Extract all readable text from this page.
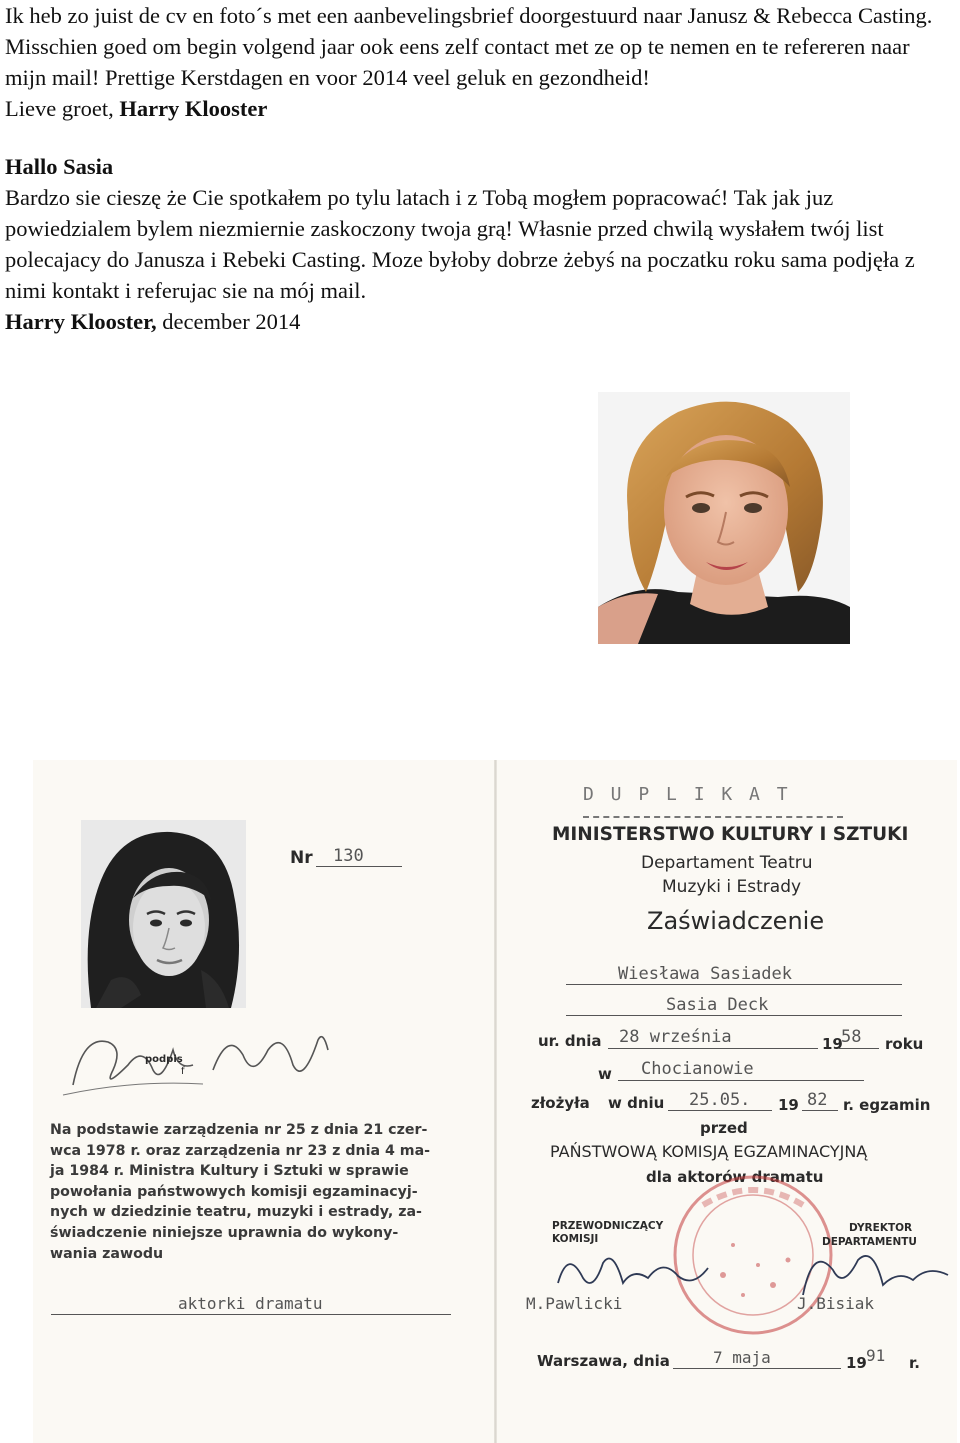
Ik heb zo juist de cv en foto´s met een aanbevelingsbrief doorgestuurd naar Janusz & Rebecca Casting. Misschien goed om begin volgend jaar ook eens zelf contact met ze op te nemen en te refereren naar mijn mail! Prettige Kerstdagen en voor 2014 veel geluk en gezondheid!
Lieve groet, Harry Klooster

Hallo Sasia

Bardzo sie cieszę że Cie spotkałem po tylu latach i z Tobą mogłem popracować! Tak jak juz powiedzialem bylem niezmiernie zaskoczony twoja grą! Własnie przed chwilą wysłałem twój list polecajacy do Janusza i Rebeki Casting. Moze byłoby dobrze żebyś na poczatku roku sama podjęła z nimi kontakt i referujac sie na mój mail.

Harry Klooster, december 2014

Nr 130
podpis
f
Na podstawie zarządzenia nr 25 z dnia 21 czer-
wca 1978 r. oraz zarządzenia nr 23 z dnia 4 ma-
ja 1984 r. Ministra Kultury i Sztuki w sprawie
powołania państwowych komisji egzaminacyj-
nych w dziedzinie teatru, muzyki i estrady, za-
świadczenie niniejsze uprawnia do wykony-
wania zawodu
aktorki dramatu
D U P L I K A T
MINISTERSTWO KULTURY I SZTUKI
Departament Teatru
Muzyki i Estrady
Zaświadczenie
Wiesława Sasiadek
Sasia Deck
ur. dnia 28 września	19
58 roku
w Chocianowie
złożyła w dniu 25.05. 19 82 r. egzamin
przed
PAŃSTWOWĄ KOMISJĄ EGZAMINACYJNĄ
dla aktorów dramatu
PRZEWODNICZĄCY
KOMISJI
DYREKTOR
DEPARTAMENTU
M.Pawlicki	J.Bisiak
Warszawa, dnia	7 maja	19 91 r.
